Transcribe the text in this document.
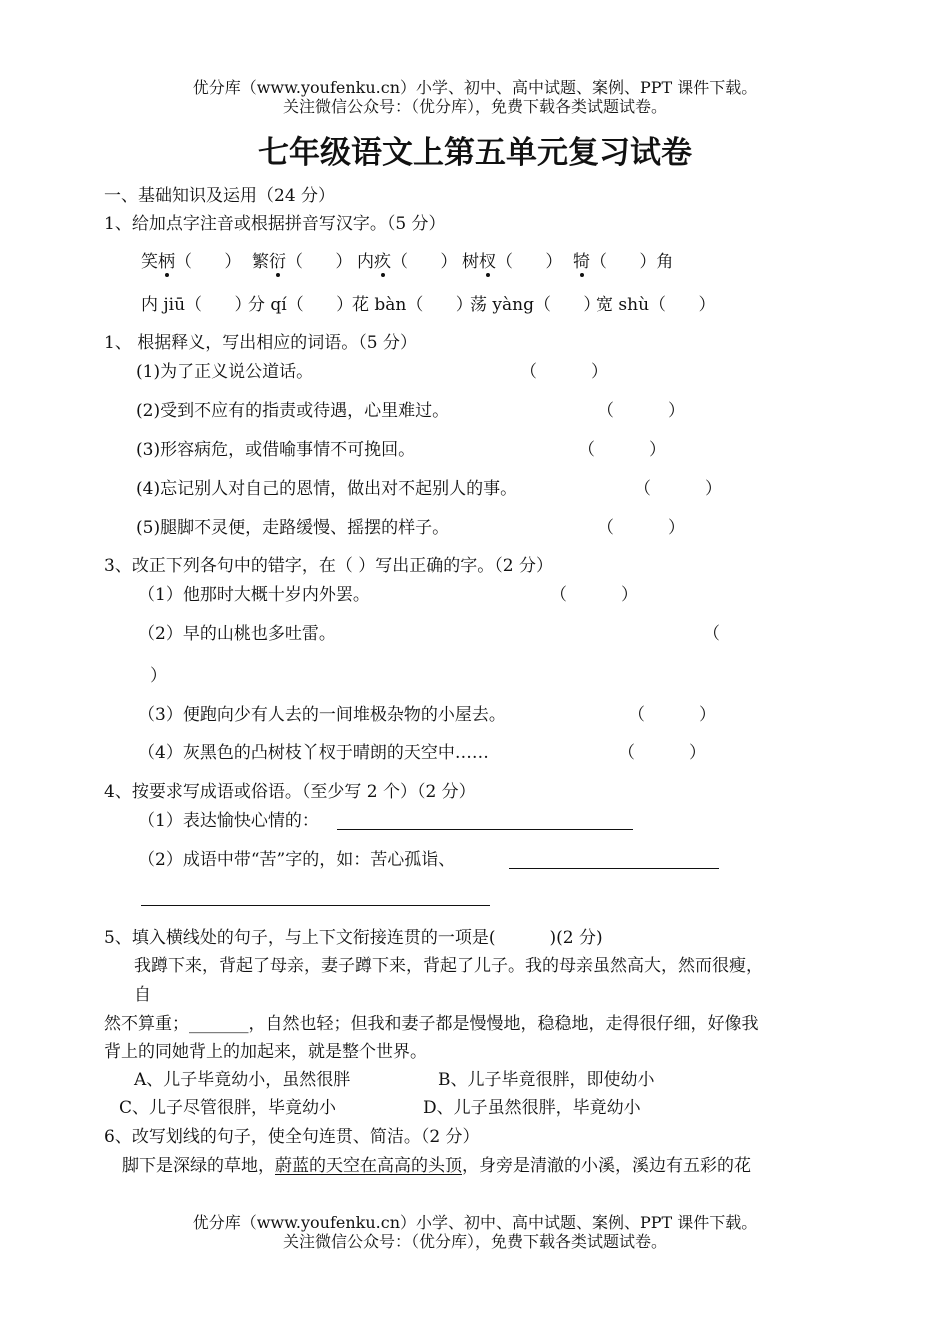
优分库（www.youfenku.cn）小学、初中、高中试题、案例、PPT 课件下载。
关注微信公众号：（优分库），免费下载各类试题试卷。
七年级语文上第五单元复习试卷
一、基础知识及运用（24 分）
1、给加点字注音或根据拼音写汉字。（5 分）
笑柄（      ） 繁衍（      ） 内疚（      ） 树杈（      ） 犄（      ）角
内 jiū（      ）
分 qí（      ）
花 bàn（      ）
荡 yàng（      ）
宽 shù（      ）
1、 根据释义，写出相应的词语。（5 分）
(1)为了正义说公道话。	（          ）
(2)受到不应有的指责或待遇，心里难过。	（          ）
(3)形容病危，或借喻事情不可挽回。	（          ）
(4)忘记别人对自己的恩情，做出对不起别人的事。	（          ）
(5)腿脚不灵便，走路缓慢、摇摆的样子。	（          ）
3、改正下列各句中的错字，在（ ）写出正确的字。（2 分）
（1）他那时大概十岁内外罢。	（          ）
（2）早的山桃也多吐雷。	（
）
（3）便跑向少有人去的一间堆极杂物的小屋去。	（          ）
（4）灰黑色的凸树枝丫杈于晴朗的天空中……	（          ）
4、按要求写成语或俗语。（至少写 2 个）（2 分）
（1）表达愉快心情的：
（2）成语中带“苦”字的，如：苦心孤诣、
5、填入横线处的句子，与上下文衔接连贯的一项是(          )(2 分)
我蹲下来，背起了母亲，妻子蹲下来，背起了儿子。我的母亲虽然高大，然而很瘦，
自
然不算重；_______，自然也轻；但我和妻子都是慢慢地，稳稳地，走得很仔细，好像我
背上的同她背上的加起来，就是整个世界。
A、儿子毕竟幼小，虽然很胖	B、儿子毕竟很胖，即使幼小
C、儿子尽管很胖，毕竟幼小	D、儿子虽然很胖，毕竟幼小
6、改写划线的句子，使全句连贯、简洁。（2 分）
脚下是深绿的草地，蔚蓝的天空在高高的头顶，身旁是清澈的小溪，溪边有五彩的花
优分库（www.youfenku.cn）小学、初中、高中试题、案例、PPT 课件下载。
关注微信公众号：（优分库），免费下载各类试题试卷。
